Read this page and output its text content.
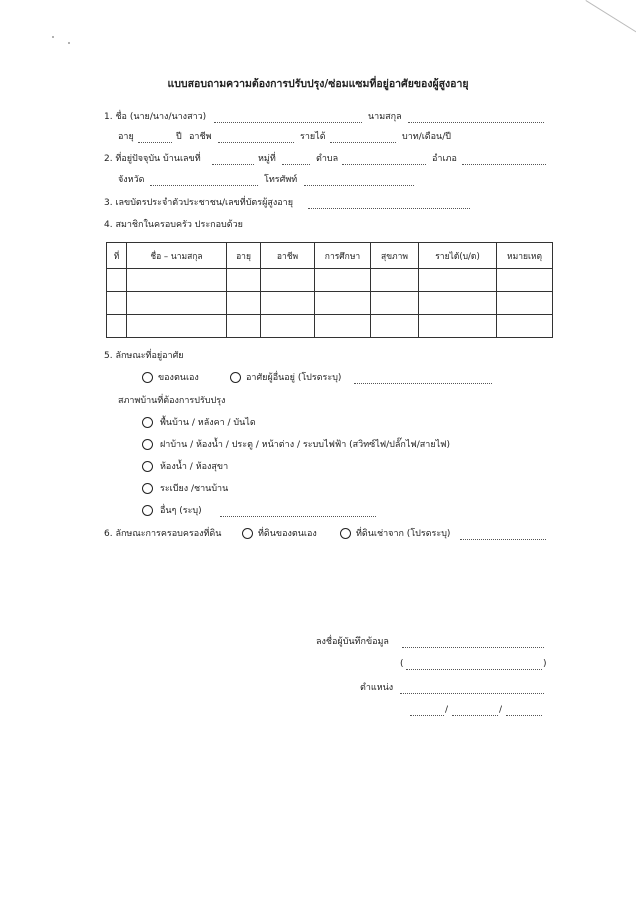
แบบสอบถามความต้องการปรับปรุง/ซ่อมแซมที่อยู่อาศัยของผู้สูงอายุ
1. ชื่อ (นาย/นาง/นางสาว)	นามสกุล
อายุ	ปี อาชีพ	รายได้	บาท/เดือน/ปี
2. ที่อยู่ปัจจุบัน บ้านเลขที่	หมู่ที่	ตำบล	อำเภอ
จังหวัด	โทรศัพท์
3. เลขบัตรประจำตัวประชาชน/เลขที่บัตรผู้สูงอายุ
4. สมาชิกในครอบครัว ประกอบด้วย
ที่	ชื่อ – นามสกุล	อายุ	อาชีพ	การศึกษา	สุขภาพ	รายได้(บ/ด)	หมายเหตุ

5. ลักษณะที่อยู่อาศัย
ของตนเอง	อาศัยผู้อื่นอยู่ (โปรดระบุ)
สภาพบ้านที่ต้องการปรับปรุง
พื้นบ้าน / หลังคา / บันได
ฝาบ้าน / ห้องน้ำ / ประตู / หน้าต่าง / ระบบไฟฟ้า (สวิทซ์ไฟ/ปลั๊กไฟ/สายไฟ)
ห้องน้ำ / ห้องสุขา
ระเบียง /ชานบ้าน
อื่นๆ (ระบุ)
6. ลักษณะการครอบครองที่ดิน	ที่ดินของตนเอง	ที่ดินเช่าจาก (โปรดระบุ)
ลงชื่อผู้บันทึกข้อมูล
(	)
ตำแหน่ง
/	/
